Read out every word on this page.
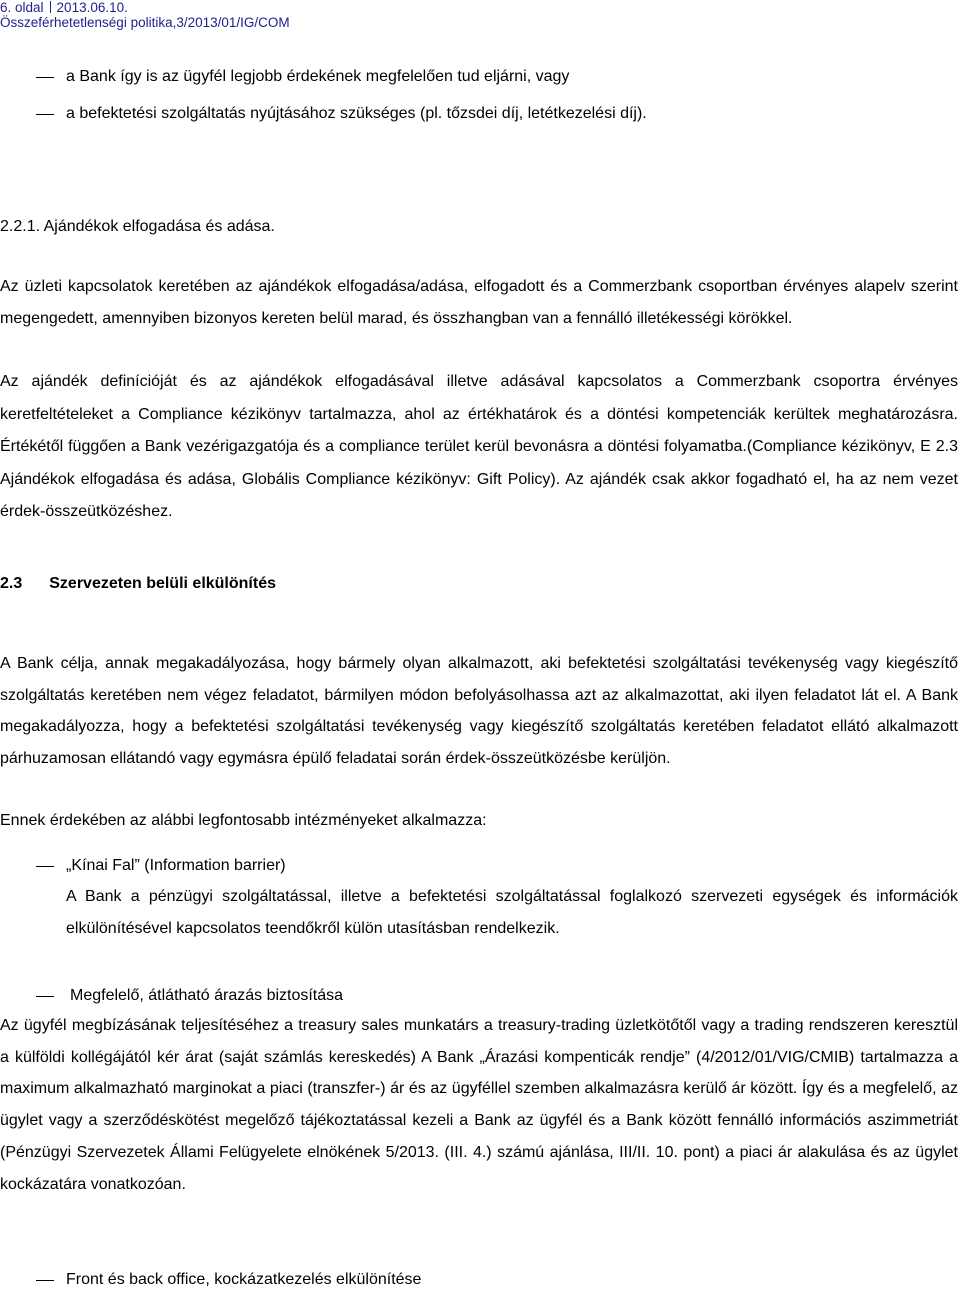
6. oldal 2013.06.10.
Összeférhetetlenségi politika,3/2013/01/IG/COM
a Bank így is az ügyfél legjobb érdekének megfelelően tud eljárni, vagy
a befektetési szolgáltatás nyújtásához szükséges (pl. tőzsdei díj, letétkezelési díj).
2.2.1. Ajándékok elfogadása és adása.

Az üzleti kapcsolatok keretében az ajándékok elfogadása/adása, elfogadott és a Commerzbank csoportban érvényes alapelv szerint megengedett, amennyiben bizonyos kereten belül marad, és összhangban van a fennálló illetékességi körökkel.

Az ajándék definícióját és az ajándékok elfogadásával illetve adásával kapcsolatos a Commerzbank csoportra érvényes keretfeltételeket a Compliance kézikönyv tartalmazza, ahol az értékhatárok és a döntési kompetenciák kerültek meghatározásra. Értékétől függően a Bank vezérigazgatója és a compliance terület kerül bevonásra a döntési folyamatba.(Compliance kézikönyv, E 2.3 Ajándékok elfogadása és adása, Globális Compliance kézikönyv: Gift Policy). Az ajándék csak akkor fogadható el, ha az nem vezet érdek-összeütközéshez.

2.3 Szervezeten belüli elkülönítés

A Bank célja, annak megakadályozása, hogy bármely olyan alkalmazott, aki befektetési szolgáltatási tevékenység vagy kiegészítő szolgáltatás keretében nem végez feladatot, bármilyen módon befolyásolhassa azt az alkalmazottat, aki ilyen feladatot lát el. A Bank megakadályozza, hogy a befektetési szolgáltatási tevékenység vagy kiegészítő szolgáltatás keretében feladatot ellátó alkalmazott párhuzamosan ellátandó vagy egymásra épülő feladatai során érdek-összeütközésbe kerüljön.

Ennek érdekében az alábbi legfontosabb intézményeket alkalmazza:

„Kínai Fal” (Information barrier)

A Bank a pénzügyi szolgáltatással, illetve a befektetési szolgáltatással foglalkozó szervezeti egységek és információk elkülönítésével kapcsolatos teendőkről külön utasításban rendelkezik.

Megfelelő, átlátható árazás biztosítása

Az ügyfél megbízásának teljesítéséhez a treasury sales munkatárs a treasury-trading üzletkötőtől vagy a trading rendszeren keresztül a külföldi kollégájától kér árat (saját számlás kereskedés) A Bank „Árazási kompenticák rendje” (4/2012/01/VIG/CMIB) tartalmazza a maximum alkalmazható marginokat a piaci (transzfer-) ár és az ügyféllel szemben alkalmazásra kerülő ár között. Így és a megfelelő, az ügylet vagy a szerződéskötést megelőző tájékoztatással kezeli a Bank az ügyfél és a Bank között fennálló információs aszimmetriát (Pénzügyi Szervezetek Állami Felügyelete elnökének 5/2013. (III. 4.) számú ajánlása, III/II. 10. pont) a piaci ár alakulása és az ügylet kockázatára vonatkozóan.

Front és back office, kockázatkezelés elkülönítése
